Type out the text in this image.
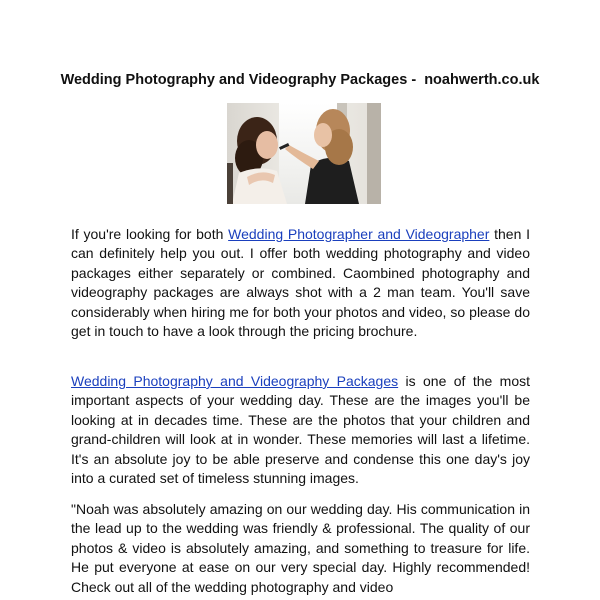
Wedding Photography and Videography Packages -  noahwerth.co.uk

If you're looking for both Wedding Photographer and Videographer then I can definitely help you out. I offer both wedding photography and video packages either separately or combined. Caombined photography and videography packages are always shot with a 2 man team. You'll save considerably when hiring me for both your photos and video, so please do get in touch to have a look through the pricing brochure.

Wedding Photography and Videography Packages is one of the most important aspects of your wedding day. These are the images you'll be looking at in decades time. These are the photos that your children and grand-children will look at in wonder. These memories will last a lifetime. It's an absolute joy to be able preserve and condense this one day's joy into a curated set of timeless stunning images.

"Noah was absolutely amazing on our wedding day. His communication in the lead up to the wedding was friendly & professional. The quality of our photos & video is absolutely amazing, and something to treasure for life. He put everyone at ease on our very special day. Highly recommended! Check out all of the wedding photography and video
